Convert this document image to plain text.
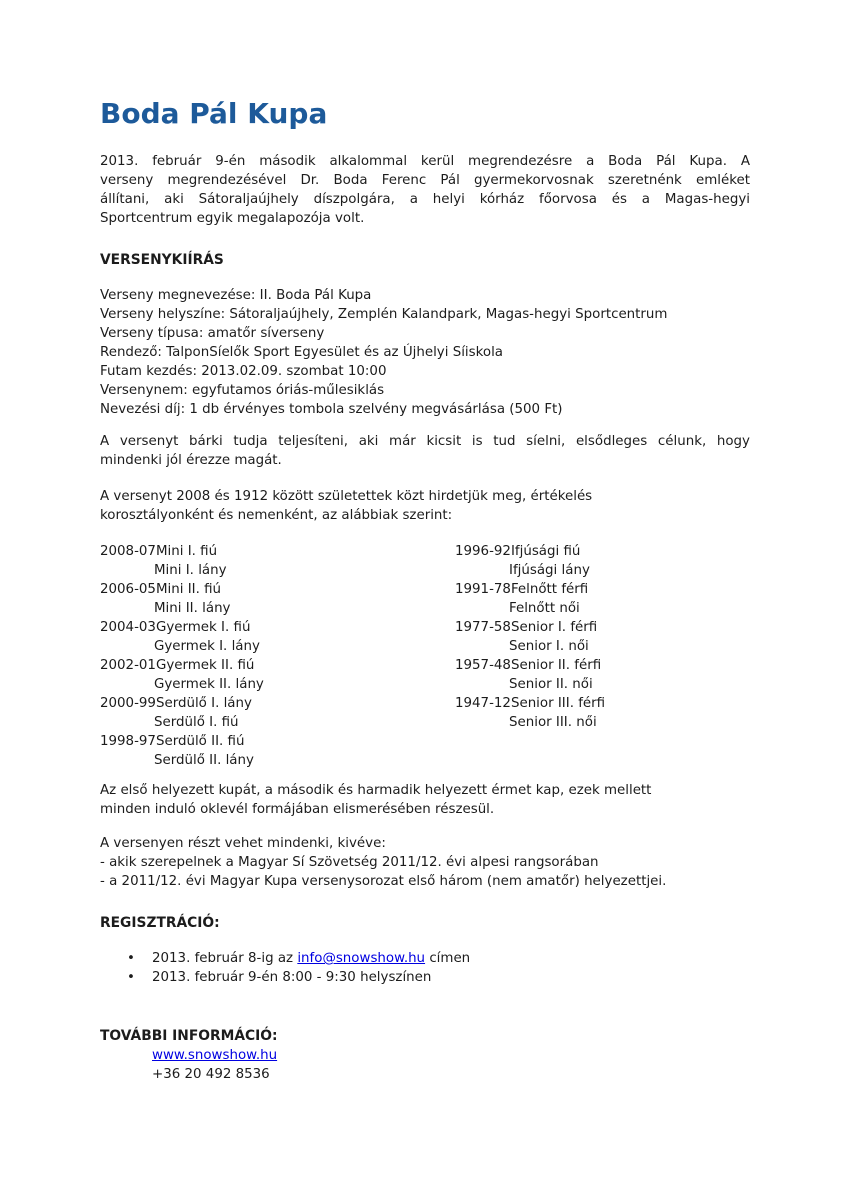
Boda Pál Kupa
2013. február 9-én második alkalommal kerül megrendezésre a Boda Pál Kupa. A
verseny megrendezésével Dr. Boda Ferenc Pál gyermekorvosnak szeretnénk emléket
állítani, aki Sátoraljaújhely díszpolgára, a helyi kórház főorvosa és a Magas-hegyi
Sportcentrum egyik megalapozója volt.
VERSENYKIÍRÁS
Verseny megnevezése: II. Boda Pál Kupa
Verseny helyszíne: Sátoraljaújhely, Zemplén Kalandpark, Magas-hegyi Sportcentrum
Verseny típusa: amatőr síverseny
Rendező: TalponSíelők Sport Egyesület és az Újhelyi Síiskola
Futam kezdés: 2013.02.09. szombat 10:00
Versenynem: egyfutamos óriás-műlesiklás
Nevezési díj: 1 db érvényes tombola szelvény megvásárlása (500 Ft)
A versenyt bárki tudja teljesíteni, aki már kicsit is tud síelni, elsődleges célunk, hogy
mindenki jól érezze magát.
A versenyt 2008 és 1912 között születettek közt hirdetjük meg, értékelés
korosztályonként és nemenként, az alábbiak szerint:
2008-07Mini I. fiú
Mini I. lány
2006-05Mini II. fiú
Mini II. lány
2004-03Gyermek I. fiú
Gyermek I. lány
2002-01Gyermek II. fiú
Gyermek II. lány
2000-99Serdülő I. lány
Serdülő I. fiú
1998-97Serdülő II. fiú
Serdülő II. lány
1996-92Ifjúsági fiú
Ifjúsági lány
1991-78Felnőtt férfi
Felnőtt női
1977-58Senior I. férfi
Senior I. női
1957-48Senior II. férfi
Senior II. női
1947-12Senior III. férfi
Senior III. női
Az első helyezett kupát, a második és harmadik helyezett érmet kap, ezek mellett
minden induló oklevél formájában elismerésében részesül.
A versenyen részt vehet mindenki, kivéve:
- akik szerepelnek a Magyar Sí Szövetség 2011/12. évi alpesi rangsorában
- a 2011/12. évi Magyar Kupa versenysorozat első három (nem amatőr) helyezettjei.
REGISZTRÁCIÓ:
• 2013. február 8-ig az info@snowshow.hu címen
• 2013. február 9-én 8:00 - 9:30 helyszínen
TOVÁBBI INFORMÁCIÓ:
www.snowshow.hu
+36 20 492 8536
